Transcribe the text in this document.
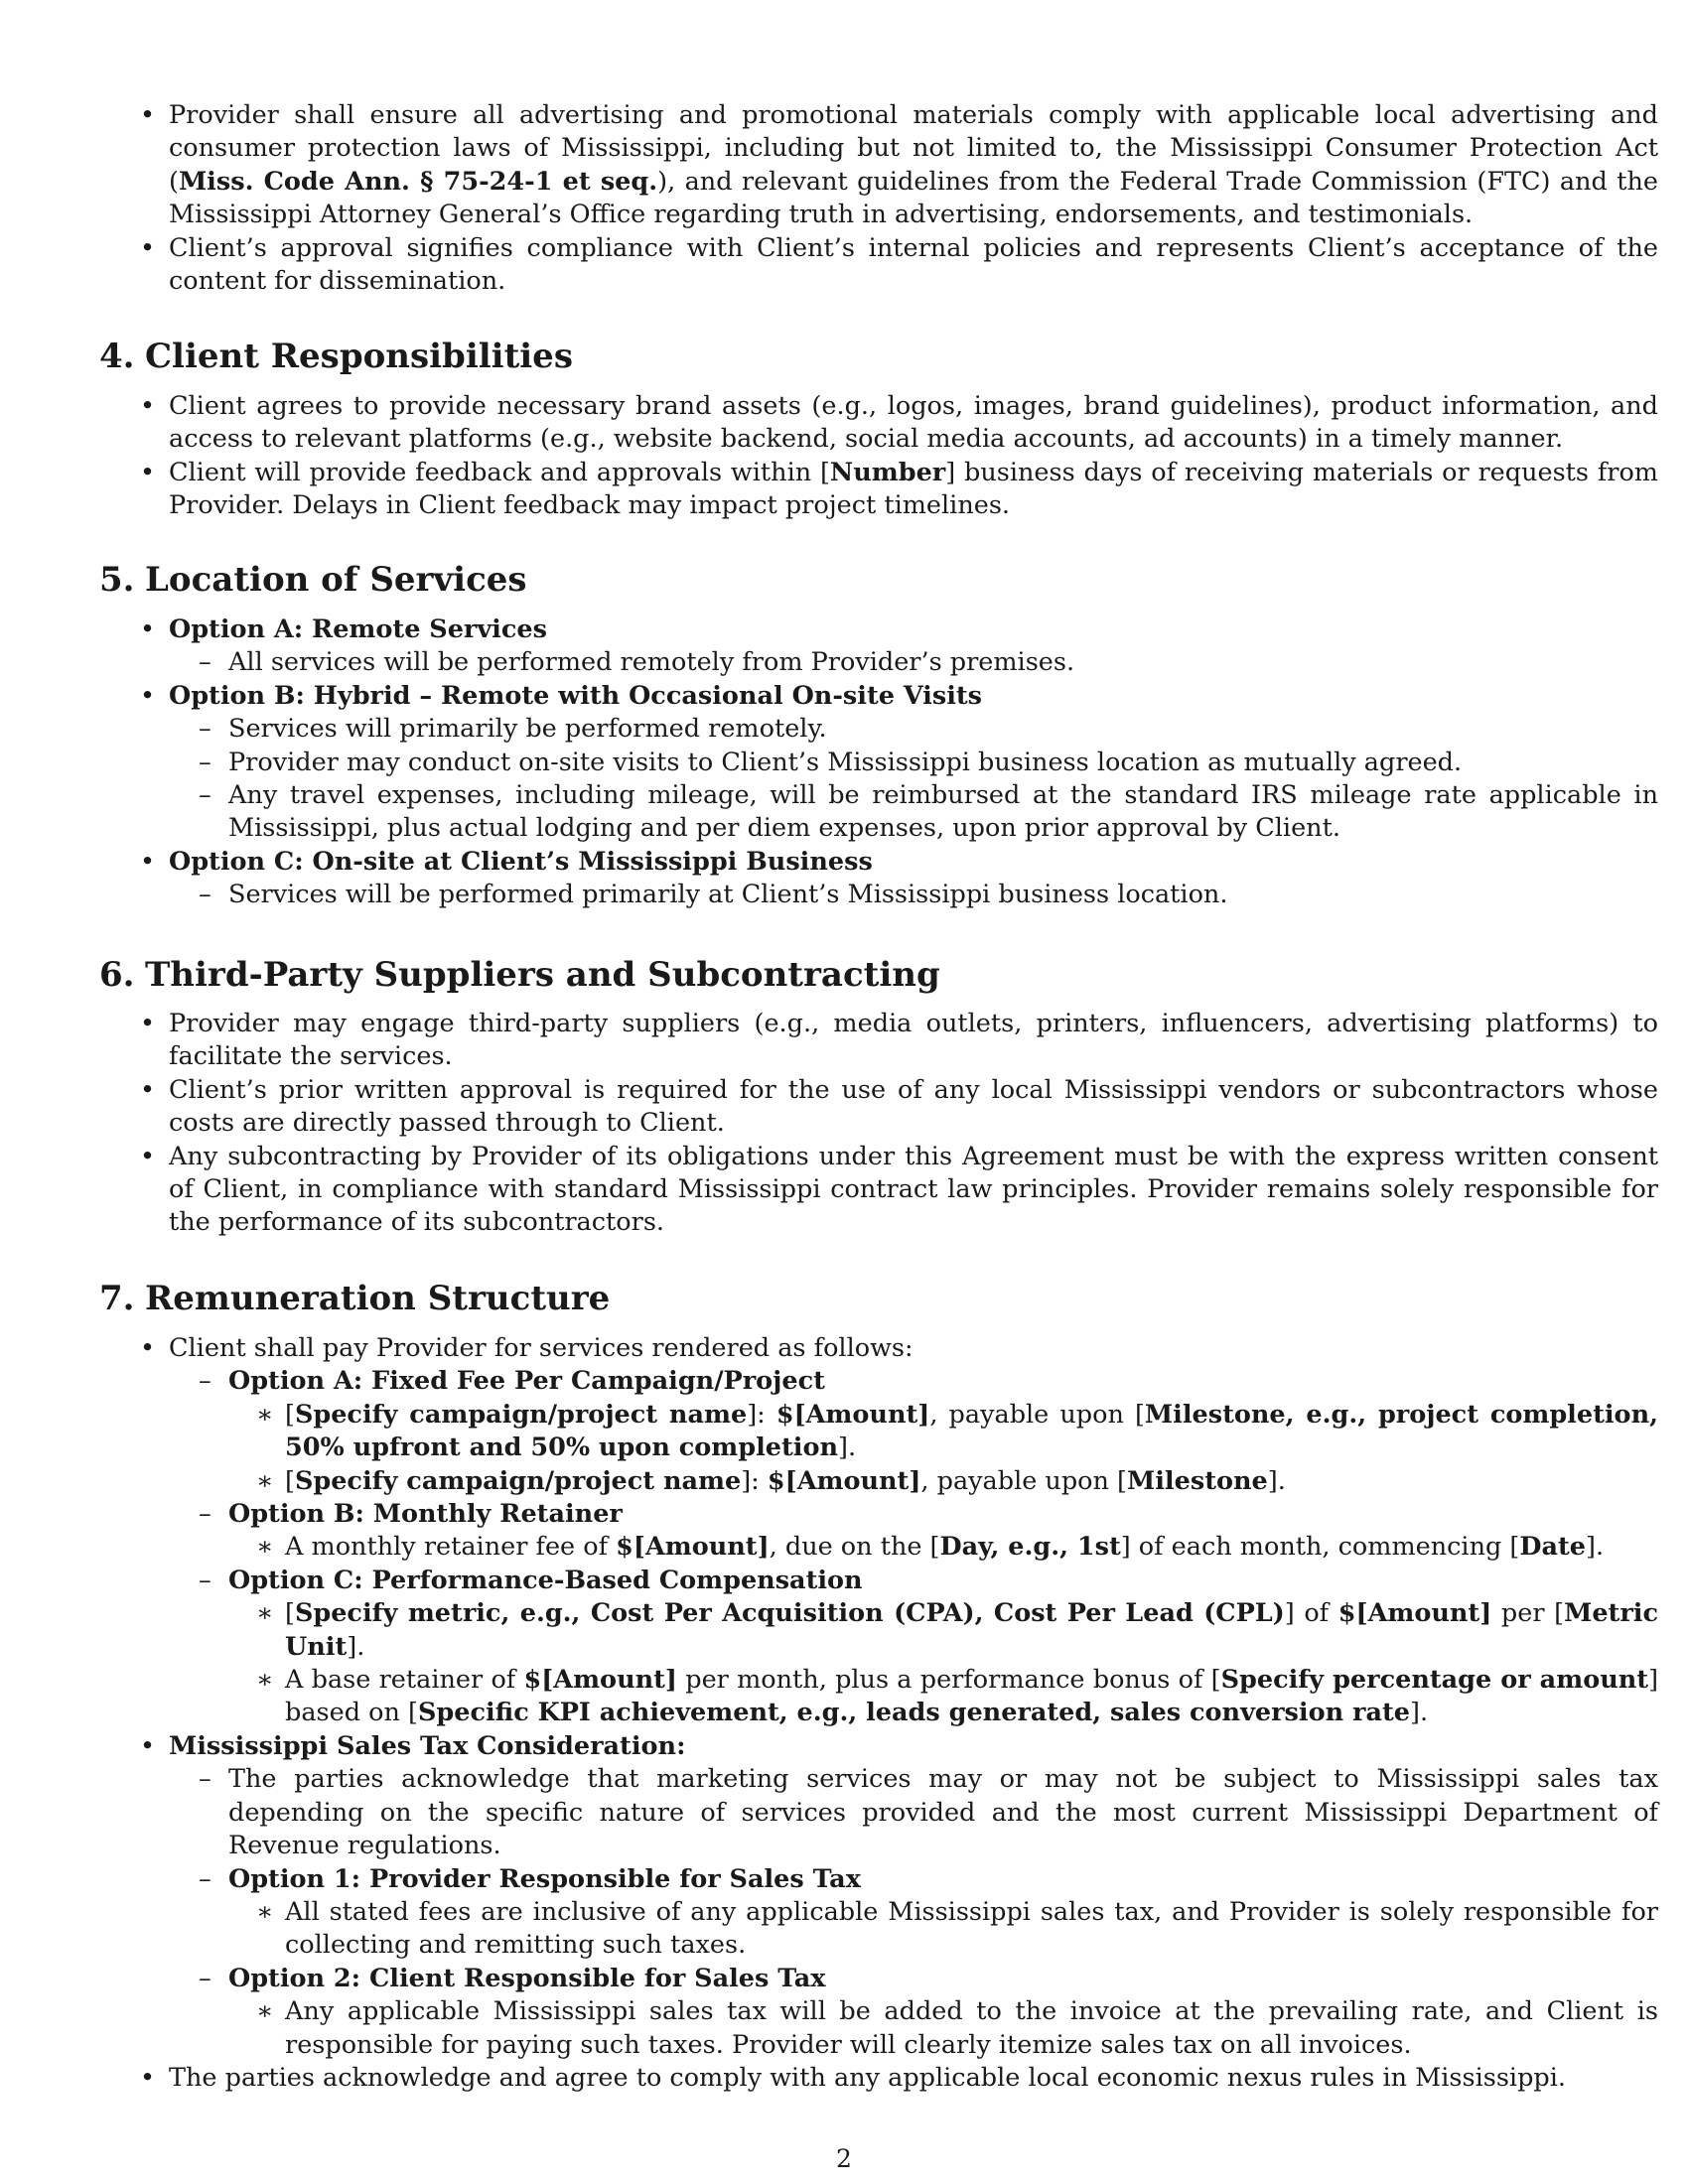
• Provider shall ensure all advertising and promotional materials comply with applicable local advertising and consumer protection laws of Mississippi, including but not limited to, the Mississippi Consumer Protection Act (Miss. Code Ann. § 75-24-1 et seq.), and relevant guidelines from the Federal Trade Commission (FTC) and the Mississippi Attorney General’s Office regarding truth in advertising, endorsements, and testimonials.
• Client’s approval signifies compliance with Client’s internal policies and represents Client’s acceptance of the content for dissemination.
4. Client Responsibilities
• Client agrees to provide necessary brand assets (e.g., logos, images, brand guidelines), product information, and access to relevant platforms (e.g., website backend, social media accounts, ad accounts) in a timely manner.
• Client will provide feedback and approvals within [Number] business days of receiving materials or requests from Provider. Delays in Client feedback may impact project timelines.
5. Location of Services
• Option A: Remote Services
– All services will be performed remotely from Provider’s premises.
• Option B: Hybrid – Remote with Occasional On-site Visits
– Services will primarily be performed remotely.
– Provider may conduct on-site visits to Client’s Mississippi business location as mutually agreed.
– Any travel expenses, including mileage, will be reimbursed at the standard IRS mileage rate applicable in Mississippi, plus actual lodging and per diem expenses, upon prior approval by Client.
• Option C: On-site at Client’s Mississippi Business
– Services will be performed primarily at Client’s Mississippi business location.
6. Third-Party Suppliers and Subcontracting
• Provider may engage third-party suppliers (e.g., media outlets, printers, influencers, advertising platforms) to facilitate the services.
• Client’s prior written approval is required for the use of any local Mississippi vendors or subcontractors whose costs are directly passed through to Client.
• Any subcontracting by Provider of its obligations under this Agreement must be with the express written consent of Client, in compliance with standard Mississippi contract law principles. Provider remains solely responsible for the performance of its subcontractors.
7. Remuneration Structure
• Client shall pay Provider for services rendered as follows:
– Option A: Fixed Fee Per Campaign/Project
∗ [Specify campaign/project name]: $[Amount], payable upon [Milestone, e.g., project completion, 50% upfront and 50% upon completion].
∗ [Specify campaign/project name]: $[Amount], payable upon [Milestone].
– Option B: Monthly Retainer
∗ A monthly retainer fee of $[Amount], due on the [Day, e.g., 1st] of each month, commencing [Date].
– Option C: Performance-Based Compensation
∗ [Specify metric, e.g., Cost Per Acquisition (CPA), Cost Per Lead (CPL)] of $[Amount] per [Metric Unit].
∗ A base retainer of $[Amount] per month, plus a performance bonus of [Specify percentage or amount] based on [Specific KPI achievement, e.g., leads generated, sales conversion rate].
• Mississippi Sales Tax Consideration:
– The parties acknowledge that marketing services may or may not be subject to Mississippi sales tax depending on the specific nature of services provided and the most current Mississippi Department of Revenue regulations.
– Option 1: Provider Responsible for Sales Tax
∗ All stated fees are inclusive of any applicable Mississippi sales tax, and Provider is solely responsible for collecting and remitting such taxes.
– Option 2: Client Responsible for Sales Tax
∗ Any applicable Mississippi sales tax will be added to the invoice at the prevailing rate, and Client is responsible for paying such taxes. Provider will clearly itemize sales tax on all invoices.
• The parties acknowledge and agree to comply with any applicable local economic nexus rules in Mississippi.
2
